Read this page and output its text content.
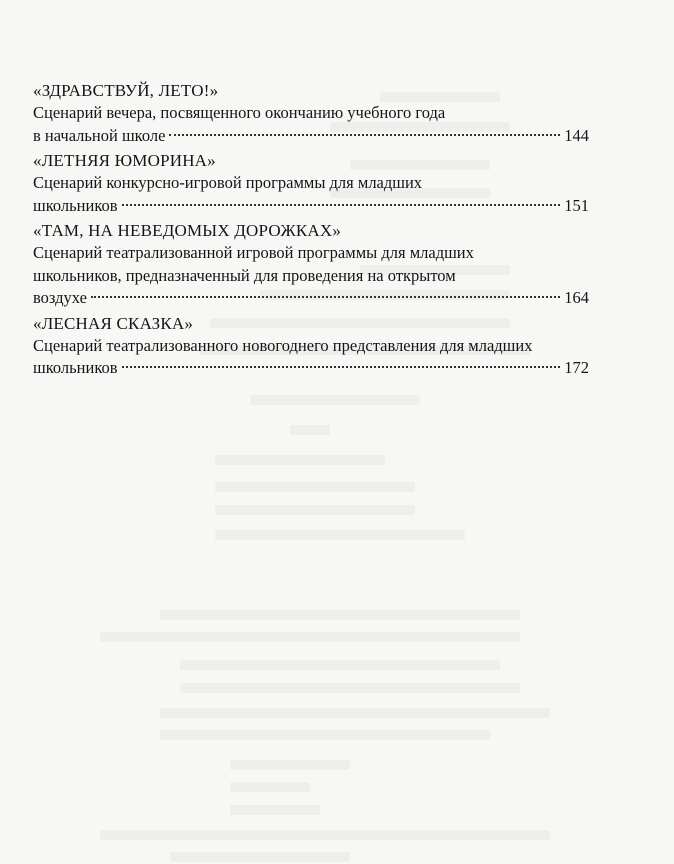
«ЗДРАВСТВУЙ, ЛЕТО!»
Сценарий вечера, посвященного окончанию учебного года
в начальной школе	144
«ЛЕТНЯЯ ЮМОРИНА»
Сценарий конкурсно-игровой программы для младших
школьников	151
«ТАМ, НА НЕВЕДОМЫХ ДОРОЖКАХ»
Сценарий театрализованной игровой программы для младших
школьников, предназначенный для проведения на открытом
воздухе	164
«ЛЕСНАЯ СКАЗКА»
Сценарий театрализованного новогоднего представления для младших
школьников	172
